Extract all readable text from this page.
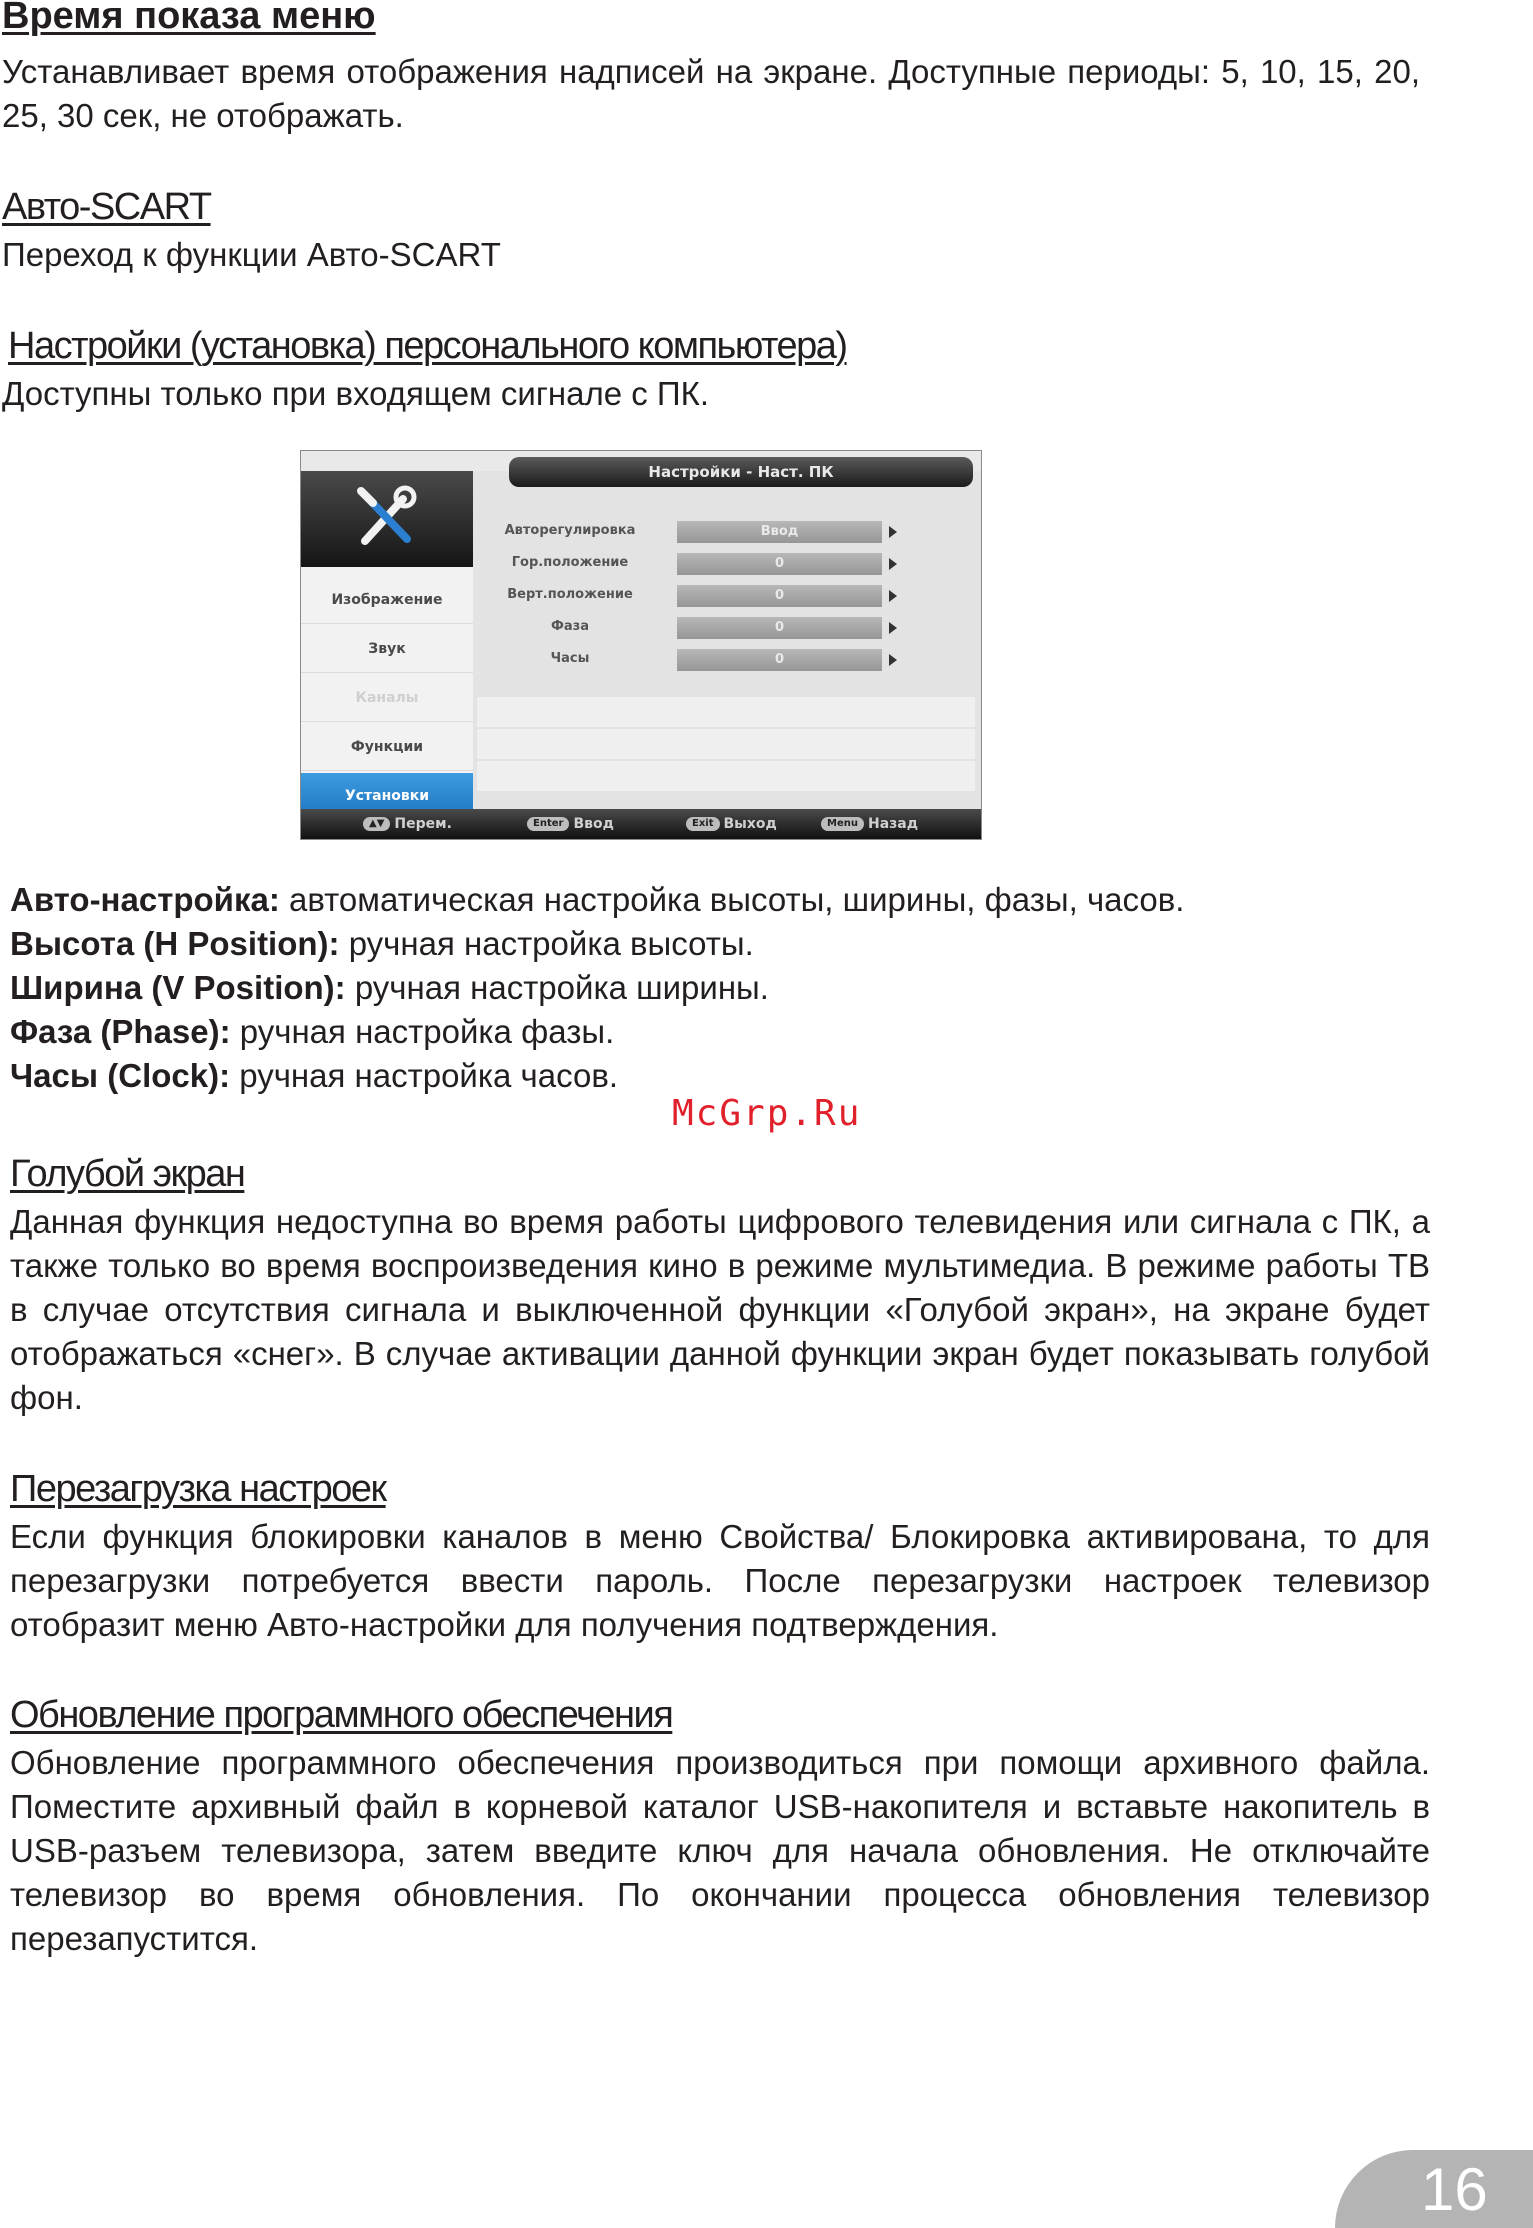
Время показа меню

Устанавливает время отображения надписей на экране. Доступные периоды: 5, 10, 15, 20, 25, 30 сек, не отображать.

Авто-SCART

Переход к функции Авто-SCART

Настройки (установка) персонального компьютера)

Доступны только при входящем сигнале с ПК.

Настройки - Наст. ПК
Изображение
Звук
Каналы
Функции
Установки
Авторегулировка	Ввод
Гор.положение	0
Верт.положение	0
Фаза	0
Часы	0
▲▼ Перем.	Enter Ввод	Exit Выход	Menu Назад
Авто-настройка: автоматическая настройка высоты, ширины, фазы, часов.
Высота (H Position): ручная настройка высоты.
Ширина (V Position): ручная настройка ширины.
Фаза (Phase): ручная настройка фазы.
Часы (Clock): ручная настройка часов.
McGrp.Ru
Голубой экран

Данная функция недоступна во время работы цифрового телевидения или сигнала с ПК, а также только во время воспроизведения кино в режиме мультимедиа. В режиме работы ТВ в случае отсутствия сигнала и выключенной функции «Голубой экран», на экране будет отображаться «снег». В случае активации данной функции экран будет показывать голубой фон.

Перезагрузка настроек

Если функция блокировки каналов в меню Свойства/ Блокировка активирована, то для перезагрузки потребуется ввести пароль. После перезагрузки настроек телевизор отобразит меню Авто-настройки для получения подтверждения.

Обновление программного обеспечения

Обновление программного обеспечения производиться при помощи архивного файла. Поместите архивный файл в корневой каталог USB-накопителя и вставьте накопитель в USB-разъем телевизора, затем введите ключ для начала обновления. Не отключайте телевизор во время обновления. По окончании процесса обновления телевизор перезапустится.

16
